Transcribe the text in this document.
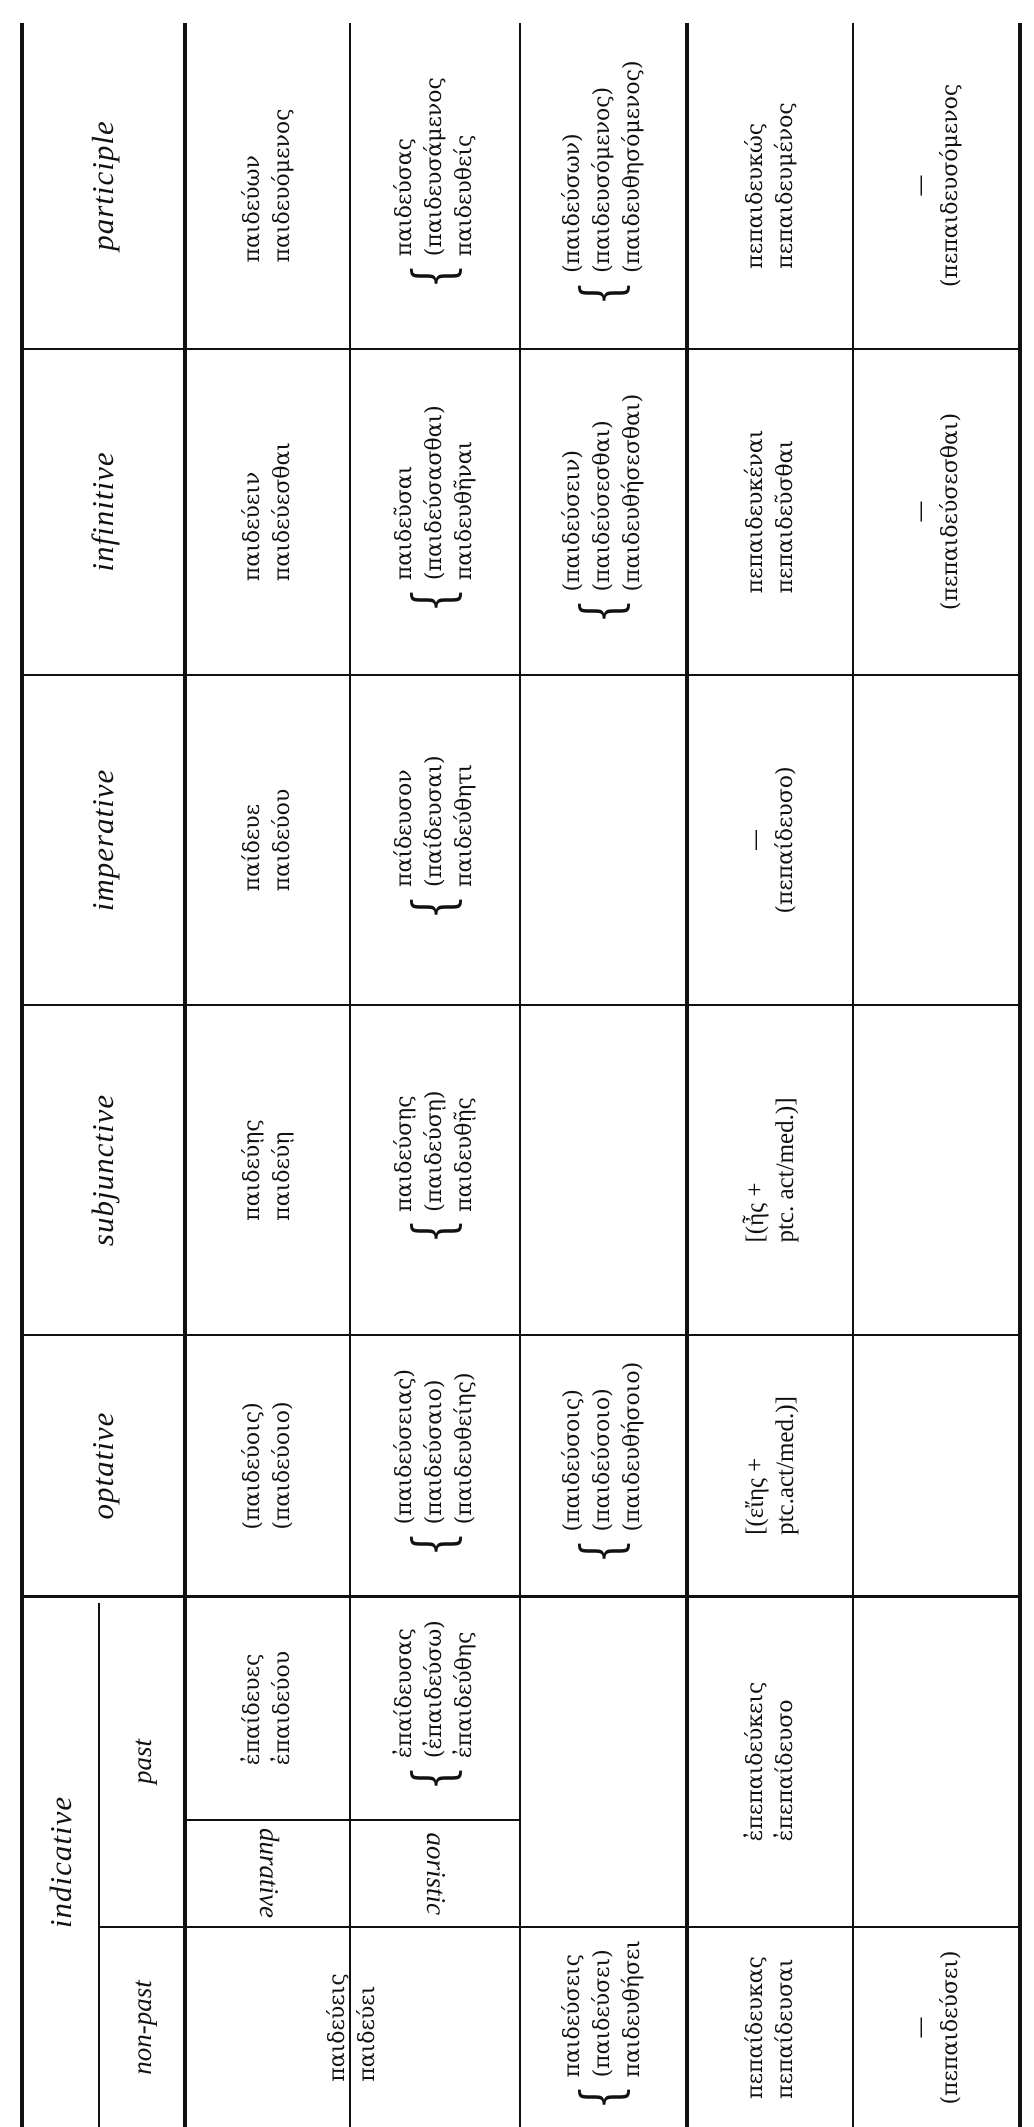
participle
infinitive
imperative
subjunctive
optative
indicative
past
non-past
durative	aoristic
παιδεύων παιδευόμενος
παιδεύειν παιδεύεσθαι
παίδευε παιδεύου
παιδεύῃς παιδεύῃ
(παιδεύοις) (παιδεύοιο)
ἐπαίδευες ἐπαιδεύου
παιδεύεις παιδεύει
{
παιδεύσας (παιδευσάμενος παιδευθείς
{
παιδεῦσαι (παιδεύσασθαι) παιδευθῆναι
{
παίδευσον (παίδευσαι) παιδεύθητι
{
παιδεύσῃς (παιδεύσῃ) παιδευθῇς
{
(παιδεύσειας) (παιδεύσαιο) (παιδευθείης)
{
ἐπαίδευσας (ἐπαιδεύσω) ἐπαιδεύθης
{
(παιδεύσων) (παιδευσόμενος) (παιδευθησόμενος)
{
(παιδεύσειν) (παιδεύσεσθαι) (παιδευθήσεσθαι)
{
(παιδεύσοις) (παιδεύσοιο) (παιδευθήσοιο)
{
παιδεύσεις (παιδεύσει) παιδευθήσει
πεπαιδευκώς πεπαιδευμένος
πεπαιδευκέναι πεπαιδεῦσθαι
— (πεπαίδευσο)
[(ἦς + ptc. act/med.)]
[(εἴης + ptc.act/med.)]
ἐπεπαιδεύκεις ἐπεπαίδευσο
πεπαίδευκας πεπαίδευσαι
— (πεπαιδευσόμενος
— (πεπαιδεύσεσθαι)
— (πεπαιδεύσει)
